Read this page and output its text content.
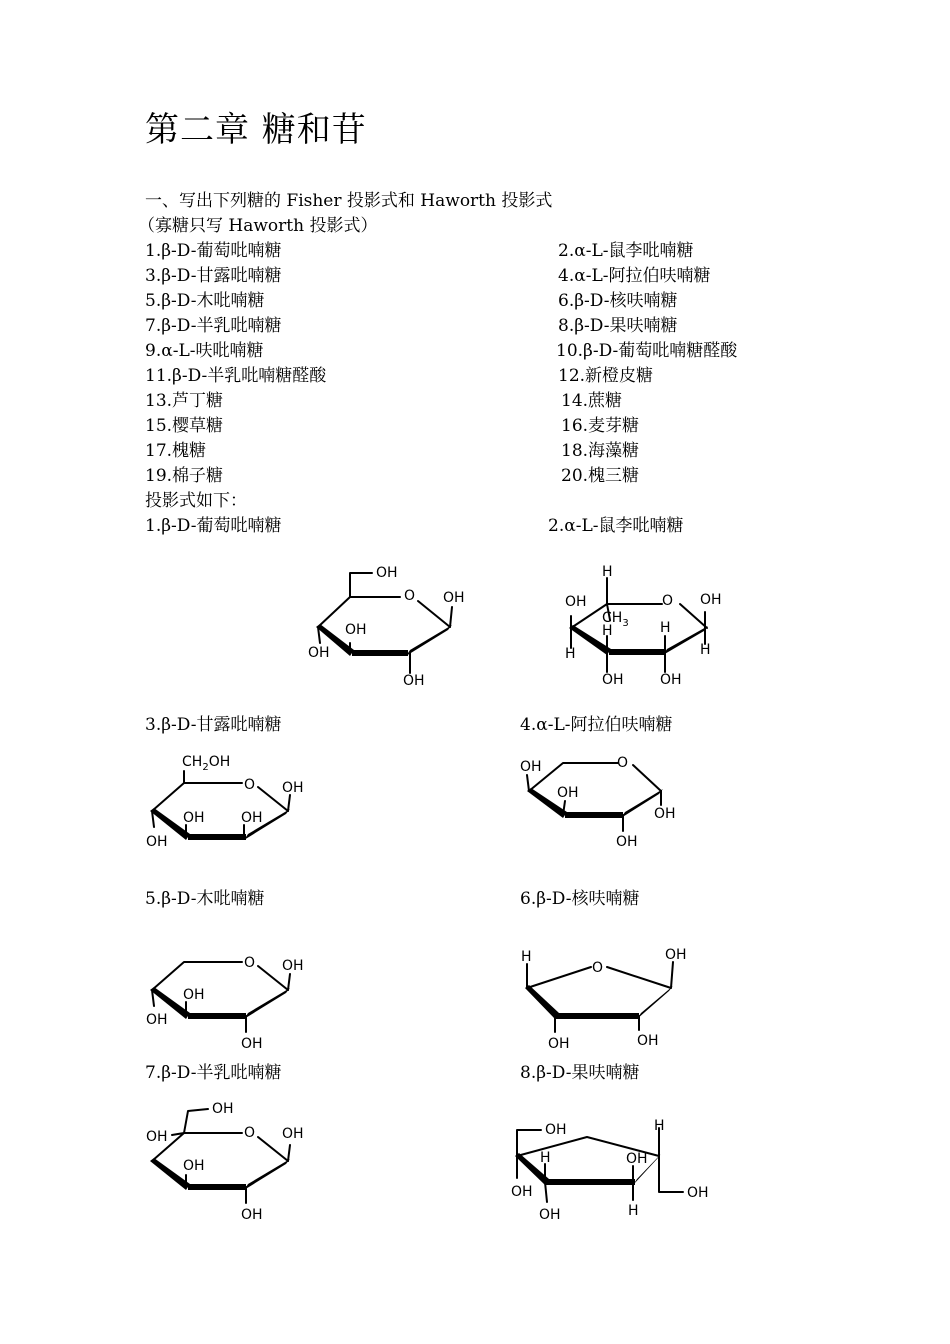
第二章 糖和苷
一、写出下列糖的 Fisher 投影式和 Haworth 投影式
（寡糖只写 Haworth 投影式）
1.β-D-葡萄吡喃糖	2.α-L-鼠李吡喃糖
3.β-D-甘露吡喃糖	4.α-L-阿拉伯呋喃糖
5.β-D-木吡喃糖	6.β-D-核呋喃糖
7.β-D-半乳吡喃糖	8.β-D-果呋喃糖
9.α-L-呋吡喃糖	10.β-D-葡萄吡喃糖醛酸
11.β-D-半乳吡喃糖醛酸	12.新橙皮糖
13.芦丁糖	14.蔗糖
15.樱草糖	16.麦芽糖
17.槐糖	18.海藻糖
19.棉子糖	20.槐三糖
投影式如下：
1.β-D-葡萄吡喃糖	2.α-L-鼠李吡喃糖
3.β-D-甘露吡喃糖	4.α-L-阿拉伯呋喃糖
5.β-D-木吡喃糖	6.β-D-核呋喃糖
7.β-D-半乳吡喃糖	8.β-D-果呋喃糖
OH
O OH
OH
OH
OH
H
OH	O
$CH_3$
OH
H	H
H	H
OH	OH
$CH_2OH$
O OH
OH	OH
OH
OH	O
OH
OH
OH
O OH
OH
OH
OH
H
O
OH
OH	OH
OH
OH	O OH
OH
OH
OH	H
OH
H
OH
OH	H
OH
